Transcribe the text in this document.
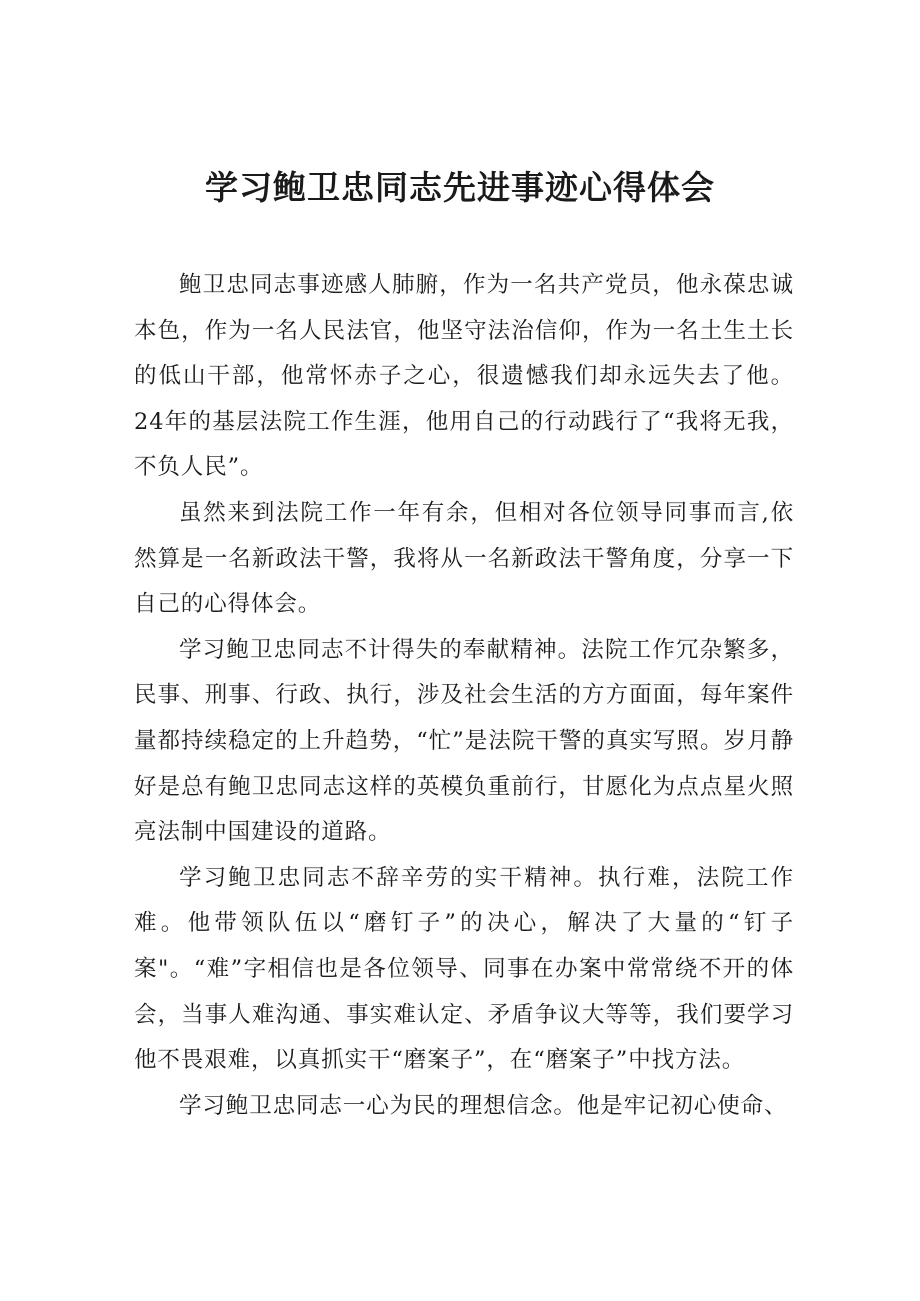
学习鲍卫忠同志先进事迹心得体会

鲍卫忠同志事迹感人肺腑，作为一名共产党员，他永葆忠诚本色，作为一名人民法官，他坚守法治信仰，作为一名土生土长的低山干部，他常怀赤子之心，很遗憾我们却永远失去了他。24年的基层法院工作生涯，他用自己的行动践行了“我将无我，不负人民”。

虽然来到法院工作一年有余，但相对各位领导同事而言,依然算是一名新政法干警，我将从一名新政法干警角度，分享一下自己的心得体会。

学习鲍卫忠同志不计得失的奉献精神。法院工作冗杂繁多，民事、刑事、行政、执行，涉及社会生活的方方面面，每年案件量都持续稳定的上升趋势，“忙”是法院干警的真实写照。岁月静好是总有鲍卫忠同志这样的英模负重前行，甘愿化为点点星火照亮法制中国建设的道路。

学习鲍卫忠同志不辞辛劳的实干精神。执行难，法院工作难。他带领队伍以“磨钉子”的决心，解决了大量的“钉子案"。“难”字相信也是各位领导、同事在办案中常常绕不开的体会，当事人难沟通、事实难认定、矛盾争议大等等，我们要学习他不畏艰难，以真抓实干“磨案子”，在“磨案子”中找方法。

学习鲍卫忠同志一心为民的理想信念。他是牢记初心使命、
